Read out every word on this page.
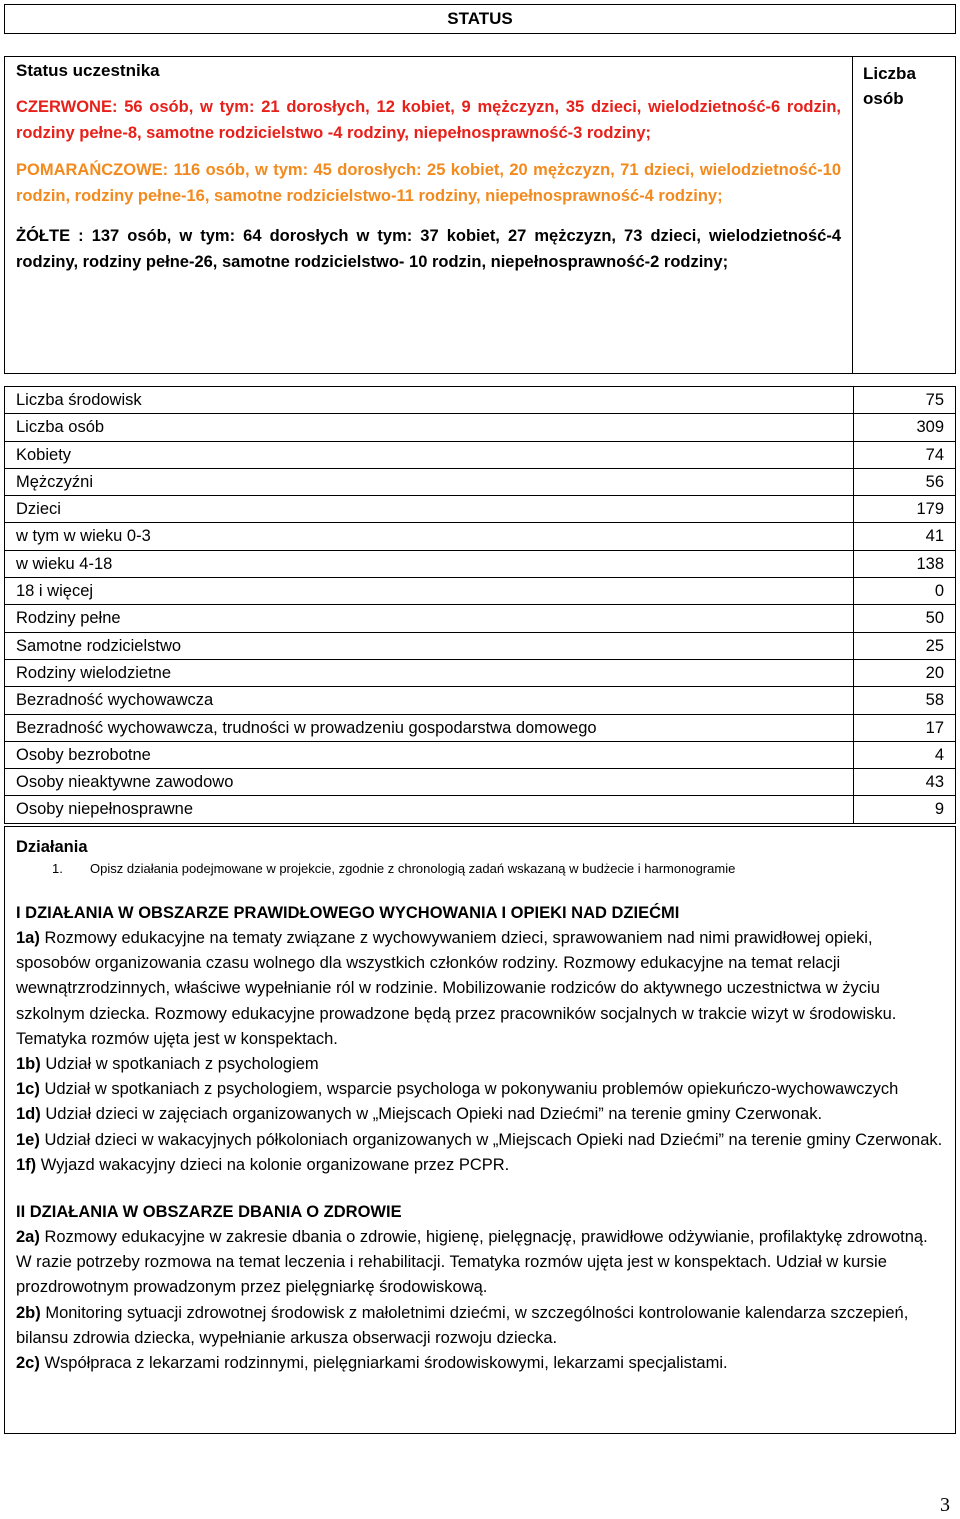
STATUS
Status uczestnika
CZERWONE: 56 osób, w tym: 21 dorosłych, 12 kobiet, 9 mężczyzn, 35 dzieci, wielodzietność-6 rodzin, rodziny pełne-8, samotne rodzicielstwo -4 rodziny, niepełnosprawność-3 rodziny;
POMARAŃCZOWE: 116 osób, w tym: 45 dorosłych: 25 kobiet, 20 mężczyzn, 71 dzieci, wielodzietność-10 rodzin, rodziny pełne-16, samotne rodzicielstwo-11 rodziny, niepełnosprawność-4 rodziny;
ŻÓŁTE : 137 osób, w tym: 64 dorosłych w tym: 37 kobiet, 27 mężczyzn, 73 dzieci, wielodzietność-4 rodziny, rodziny pełne-26, samotne rodzicielstwo- 10 rodzin, niepełnosprawność-2 rodziny;
Liczba osób
Liczba środowisk	75
Liczba osób	309
Kobiety	74
Mężczyźni	56
Dzieci	179
w tym w wieku 0-3	41
w wieku 4-18	138
18 i więcej	0
Rodziny pełne	50
Samotne rodzicielstwo	25
Rodziny wielodzietne	20
Bezradność wychowawcza	58
Bezradność wychowawcza, trudności w prowadzeniu gospodarstwa domowego	17
Osoby bezrobotne	4
Osoby nieaktywne zawodowo	43
Osoby niepełnosprawne	9
Działania
1. Opisz działania podejmowane w projekcie, zgodnie z chronologią zadań wskazaną w budżecie i harmonogramie
I DZIAŁANIA W OBSZARZE PRAWIDŁOWEGO WYCHOWANIA I OPIEKI NAD DZIEĆMI
1a) Rozmowy edukacyjne na tematy związane z wychowywaniem dzieci, sprawowaniem nad nimi prawidłowej opieki, sposobów organizowania czasu wolnego dla wszystkich członków rodziny. Rozmowy edukacyjne na temat relacji wewnątrzrodzinnych, właściwe wypełnianie ról w rodzinie. Mobilizowanie rodziców do aktywnego uczestnictwa w życiu szkolnym dziecka. Rozmowy edukacyjne prowadzone będą przez pracowników socjalnych w trakcie wizyt w środowisku. Tematyka rozmów ujęta jest w konspektach.
1b) Udział w spotkaniach z psychologiem
1c) Udział w spotkaniach z psychologiem, wsparcie psychologa w pokonywaniu problemów opiekuńczo-wychowawczych
1d) Udział dzieci w zajęciach organizowanych w „Miejscach Opieki nad Dziećmi” na terenie gminy Czerwonak.
1e) Udział dzieci w wakacyjnych półkoloniach organizowanych w „Miejscach Opieki nad Dziećmi” na terenie gminy Czerwonak.
1f) Wyjazd wakacyjny dzieci na kolonie organizowane przez PCPR.
II DZIAŁANIA W OBSZARZE DBANIA O ZDROWIE
2a) Rozmowy edukacyjne w zakresie dbania o zdrowie, higienę, pielęgnację, prawidłowe odżywianie, profilaktykę zdrowotną. W razie potrzeby rozmowa na temat leczenia i rehabilitacji. Tematyka rozmów ujęta jest w konspektach. Udział w kursie prozdrowotnym prowadzonym przez pielęgniarkę środowiskową.
2b) Monitoring sytuacji zdrowotnej środowisk z małoletnimi dziećmi, w szczególności kontrolowanie kalendarza szczepień, bilansu zdrowia dziecka, wypełnianie arkusza obserwacji rozwoju dziecka.
2c) Współpraca z lekarzami rodzinnymi, pielęgniarkami środowiskowymi, lekarzami specjalistami.
3
